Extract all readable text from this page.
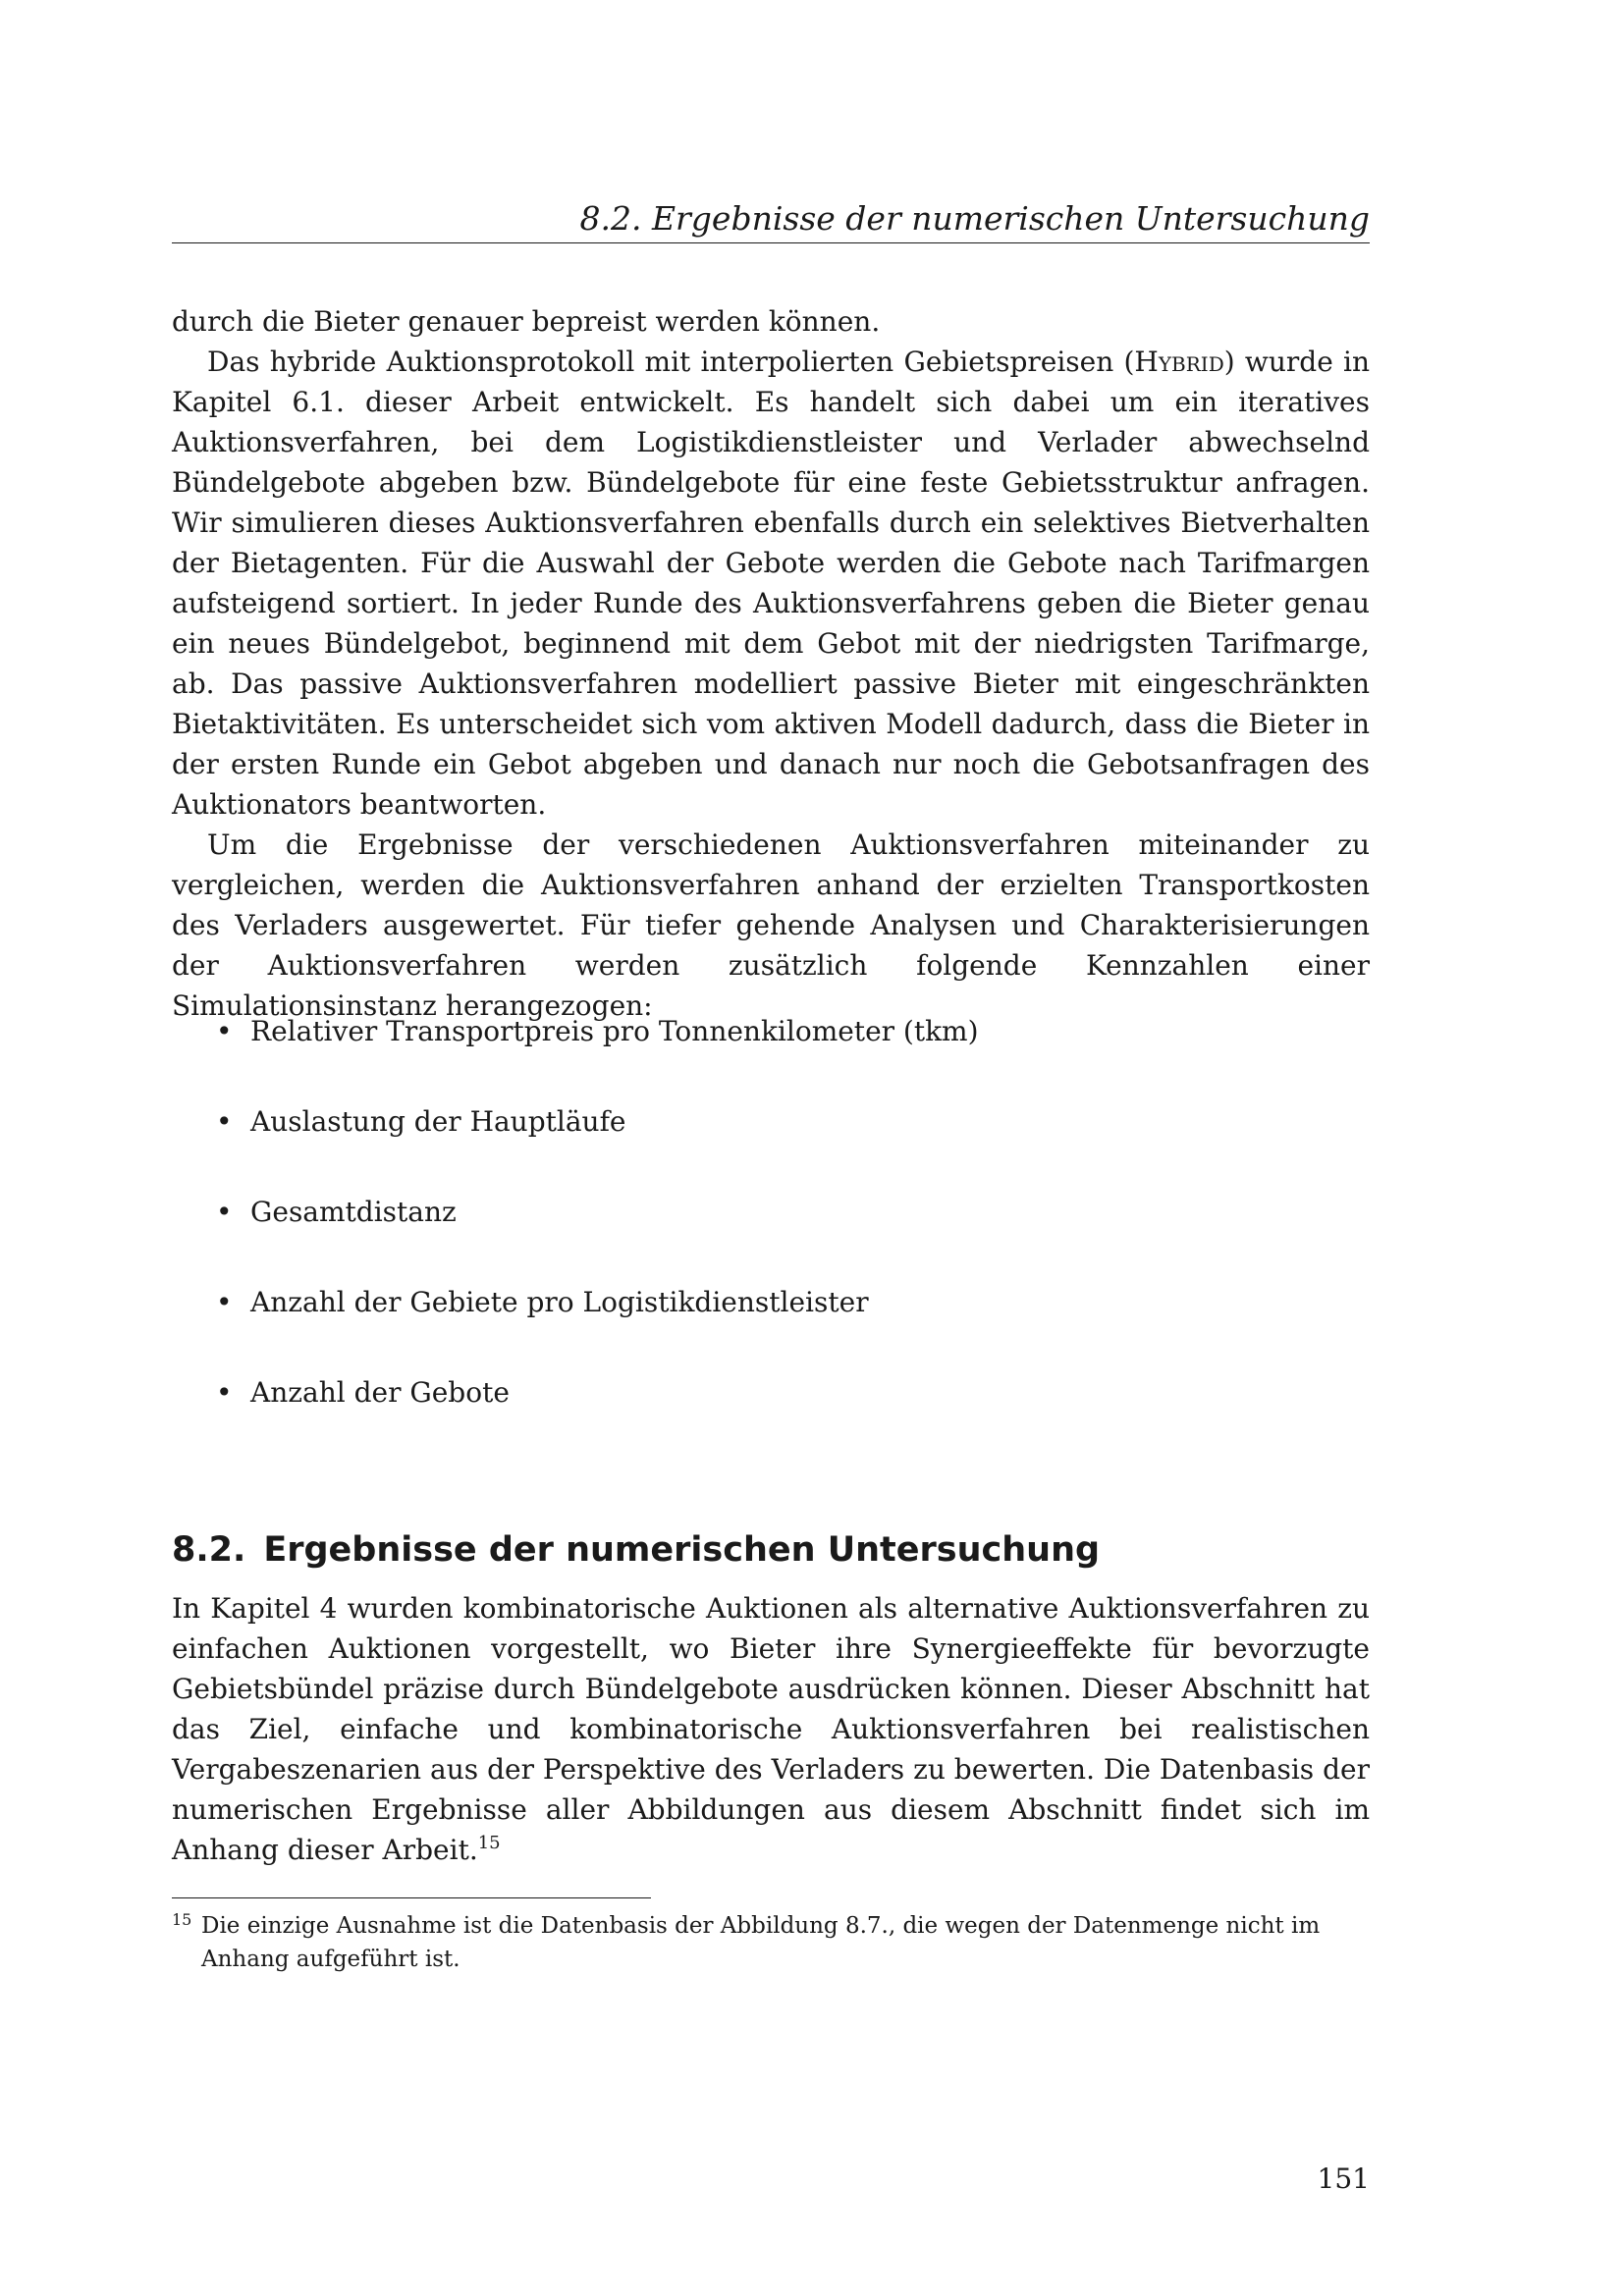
8.2. Ergebnisse der numerischen Untersuchung

durch die Bieter genauer bepreist werden können.

Das hybride Auktionsprotokoll mit interpolierten Gebietspreisen (Hybrid) wurde in Kapitel 6.1. dieser Arbeit entwickelt. Es handelt sich dabei um ein iteratives Auktionsverfahren, bei dem Logistikdienstleister und Verlader abwechselnd Bündelgebote abgeben bzw. Bündelgebote für eine feste Gebietsstruktur anfragen. Wir simulieren dieses Auktionsverfahren ebenfalls durch ein selektives Bietverhalten der Bietagenten. Für die Auswahl der Gebote werden die Gebote nach Tarifmargen aufsteigend sortiert. In jeder Runde des Auktionsverfahrens geben die Bieter genau ein neues Bündelgebot, beginnend mit dem Gebot mit der niedrigsten Tarifmarge, ab. Das passive Auktionsverfahren modelliert passive Bieter mit eingeschränkten Bietaktivitäten. Es unterscheidet sich vom aktiven Modell dadurch, dass die Bieter in der ersten Runde ein Gebot abgeben und danach nur noch die Gebotsanfragen des Auktionators beantworten.

Um die Ergebnisse der verschiedenen Auktionsverfahren miteinander zu vergleichen, werden die Auktionsverfahren anhand der erzielten Transportkosten des Verladers ausgewertet. Für tiefer gehende Analysen und Charakterisierungen der Auktionsverfahren werden zusätzlich folgende Kennzahlen einer Simulationsinstanz herangezogen:

• Relativer Transportpreis pro Tonnenkilometer (tkm)
• Auslastung der Hauptläufe
• Gesamtdistanz
• Anzahl der Gebiete pro Logistikdienstleister
• Anzahl der Gebote
8.2. Ergebnisse der numerischen Untersuchung

In Kapitel 4 wurden kombinatorische Auktionen als alternative Auktionsverfahren zu einfachen Auktionen vorgestellt, wo Bieter ihre Synergieeffekte für bevorzugte Gebietsbündel präzise durch Bündelgebote ausdrücken können. Dieser Abschnitt hat das Ziel, einfache und kombinatorische Auktionsverfahren bei realistischen Vergabeszenarien aus der Perspektive des Verladers zu bewerten. Die Datenbasis der numerischen Ergebnisse aller Abbildungen aus diesem Abschnitt findet sich im Anhang dieser Arbeit.$^{15}$

15 Die einzige Ausnahme ist die Datenbasis der Abbildung 8.7., die wegen der Datenmenge nicht im Anhang aufgeführt ist.
151
